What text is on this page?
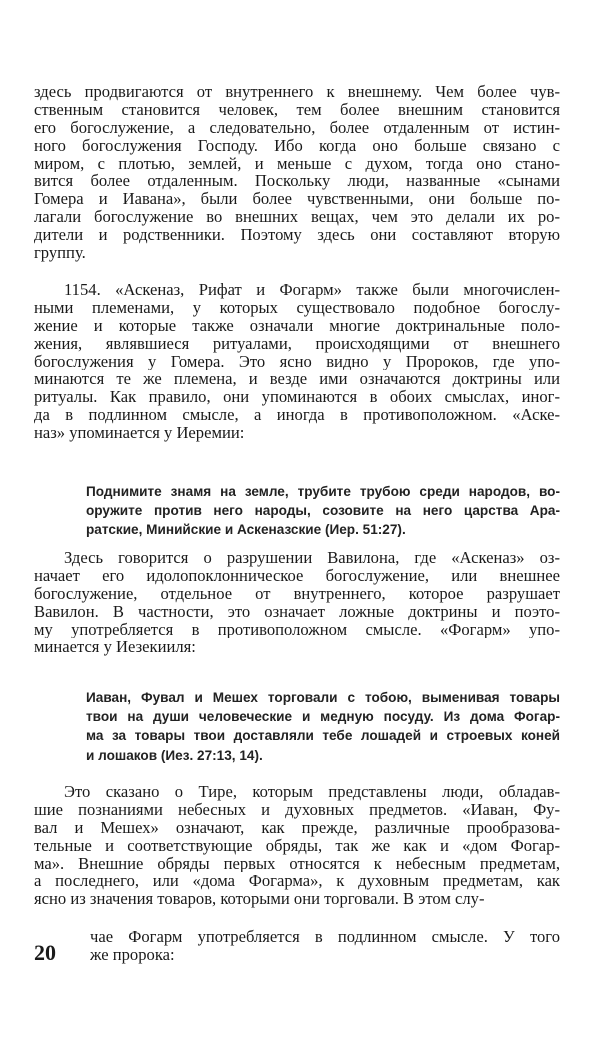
здесь продвигаются от внутреннего к внешнему. Чем более чув-
ственным становится человек, тем более внешним становится
его богослужение, а следовательно, более отдаленным от истин-
ного богослужения Господу. Ибо когда оно больше связано с
миром, с плотью, землей, и меньше с духом, тогда оно стано-
вится более отдаленным. Поскольку люди, названные «сынами
Гомера и Иавана», были более чувственными, они больше по-
лагали богослужение во внешних вещах, чем это делали их ро-
дители и родственники. Поэтому здесь они составляют вторую
группу.
1154. «Аскеназ, Рифат и Фогарм» также были многочислен-
ными племенами, у которых существовало подобное богослу-
жение и которые также означали многие доктринальные поло-
жения, являвшиеся ритуалами, происходящими от внешнего
богослужения у Гомера. Это ясно видно у Пророков, где упо-
минаются те же племена, и везде ими означаются доктрины или
ритуалы. Как правило, они упоминаются в обоих смыслах, иног-
да в подлинном смысле, а иногда в противоположном. «Аске-
наз» упоминается у Иеремии:
Поднимите знамя на земле, трубите трубою среди народов, во-
оружите против него народы, созовите на него царства Ара-
ратские, Минийские и Аскеназские (Иер. 51:27).
Здесь говорится о разрушении Вавилона, где «Аскеназ» оз-
начает его идолопоклонническое богослужение, или внешнее
богослужение, отдельное от внутреннего, которое разрушает
Вавилон. В частности, это означает ложные доктрины и поэто-
му употребляется в противоположном смысле. «Фогарм» упо-
минается у Иезекииля:
Иаван, Фувал и Мешех торговали с тобою, выменивая товары
твои на души человеческие и медную посуду. Из дома Фогар-
ма за товары твои доставляли тебе лошадей и строевых коней
и лошаков (Иез. 27:13, 14).
Это сказано о Тире, которым представлены люди, обладав-
шие познаниями небесных и духовных предметов. «Иаван, Фу-
вал и Мешех» означают, как прежде, различные прообразова-
тельные и соответствующие обряды, так же как и «дом Фогар-
ма». Внешние обряды первых относятся к небесным предметам,
а последнего, или «дома Фогарма», к духовным предметам, как
ясно из значения товаров, которыми они торговали. В этом слу-
чае Фогарм употребляется в подлинном смысле. У того
же пророка:
20
